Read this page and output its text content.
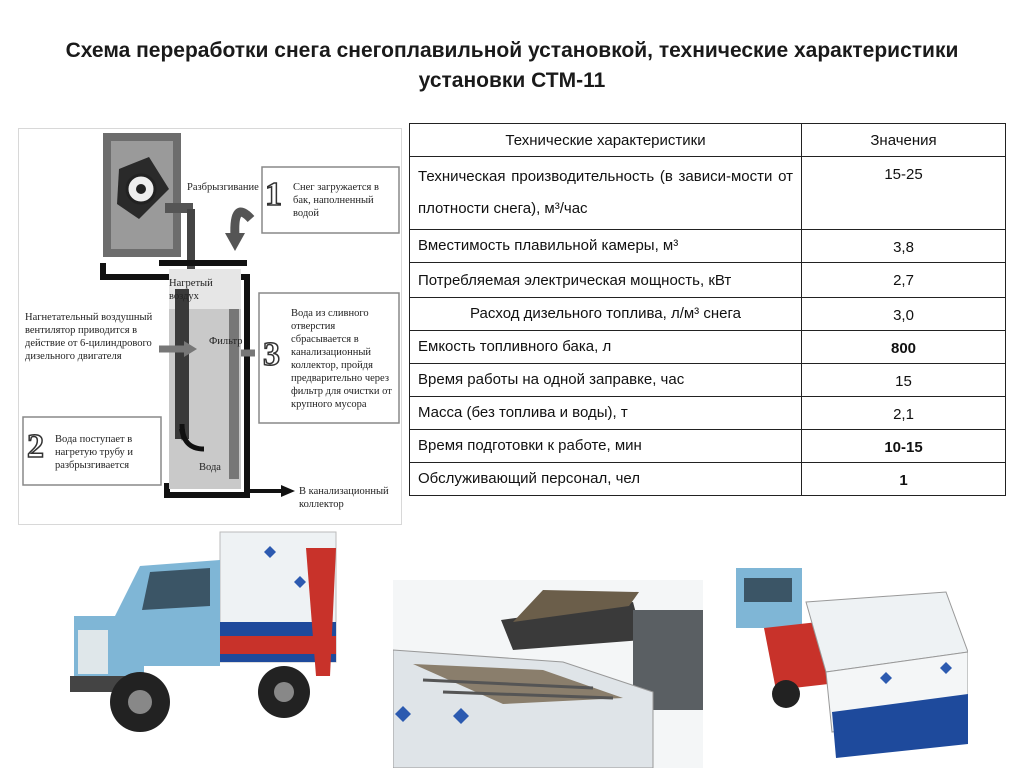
Схема переработки снега снегоплавильной установкой, технические характеристики установки СТМ-11
Разбрызгивание
Нагретый воздух
Фильтр
Вода
Нагнетательный воздушный вентилятор приводится в действие от 6-цилиндрового дизельного двигателя
1 Снег загружается в бак, наполненный водой
2 Вода поступает в нагретую трубу и разбрызгивается
3
Вода из сливного отверстия сбрасывается в канализационный коллектор, пройдя предварительно через фильтр для очистки от крупного мусора
В канализационный коллектор
Технические характеристики	Значения
Техническая производительность (в зависи-мости от плотности снега), м³/час	15-25
Вместимость плавильной камеры, м³	3,8
Потребляемая электрическая мощность, кВт	2,7
Расход дизельного топлива, л/м³ снега	3,0
Емкость топливного бака, л	800
Время работы на одной заправке, час	15
Масса (без топлива и воды), т	2,1
Время подготовки к работе, мин	10-15
Обслуживающий персонал, чел	1
